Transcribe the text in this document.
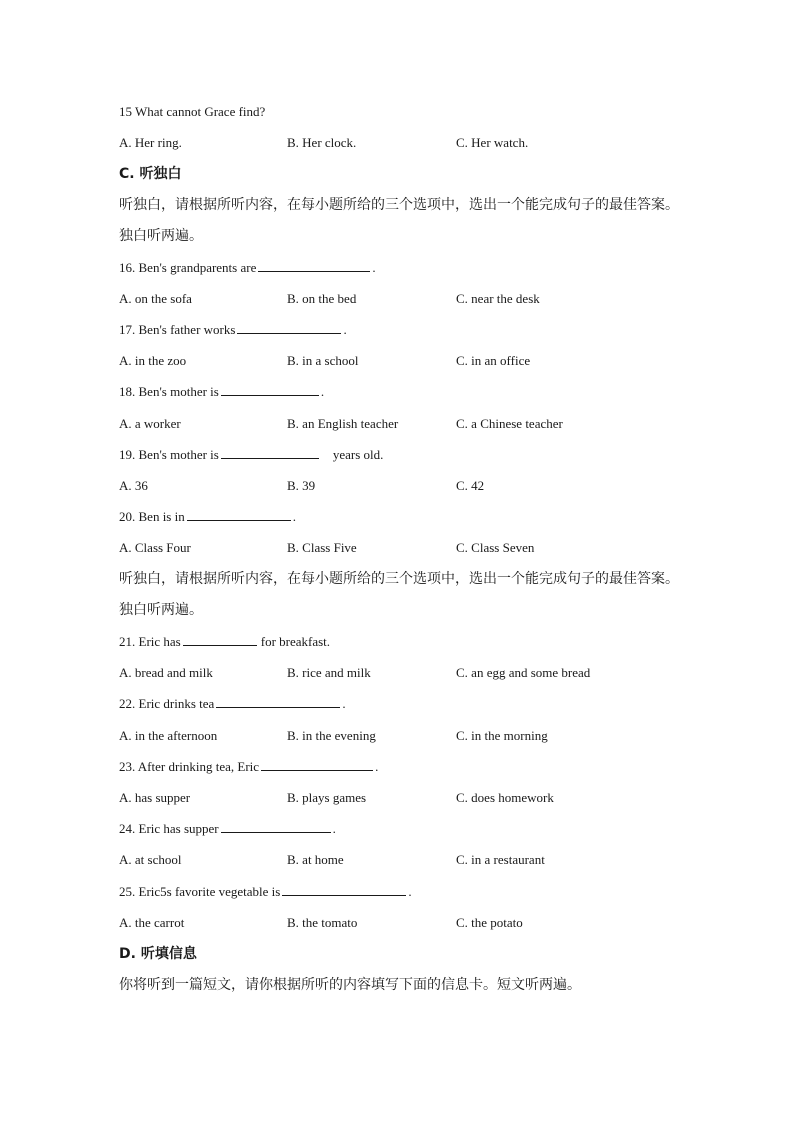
15 What cannot Grace find?
A. Her ring.	B. Her clock.	C. Her watch.
C. 听独白
听独白，请根据所听内容，在每小题所给的三个选项中，选出一个能完成句子的最佳答案。
独白听两遍。
16. Ben's grandparents are	.
A. on the sofa	B. on the bed	C. near the desk
17. Ben's father works	.
A. in the zoo	B. in a school	C. in an office
18. Ben's mother is	.
A. a worker	B. an English teacher	C. a Chinese teacher
19. Ben's mother is	years old.
A. 36	B. 39	C. 42
20. Ben is in	.
A. Class Four	B. Class Five	C. Class Seven
听独白，请根据所听内容，在每小题所给的三个选项中，选出一个能完成句子的最佳答案。
独白听两遍。
21. Eric has	for breakfast.
A. bread and milk	B. rice and milk	C. an egg and some bread
22. Eric drinks tea	.
A. in the afternoon	B. in the evening	C. in the morning
23. After drinking tea, Eric	.
A. has supper	B. plays games	C. does homework
24. Eric has supper	.
A. at school	B. at home	C. in a restaurant
25. Eric5s favorite vegetable is	.
A. the carrot	B. the tomato	C. the potato
D. 听填信息
你将听到一篇短文，请你根据所听的内容填写下面的信息卡。短文听两遍。
